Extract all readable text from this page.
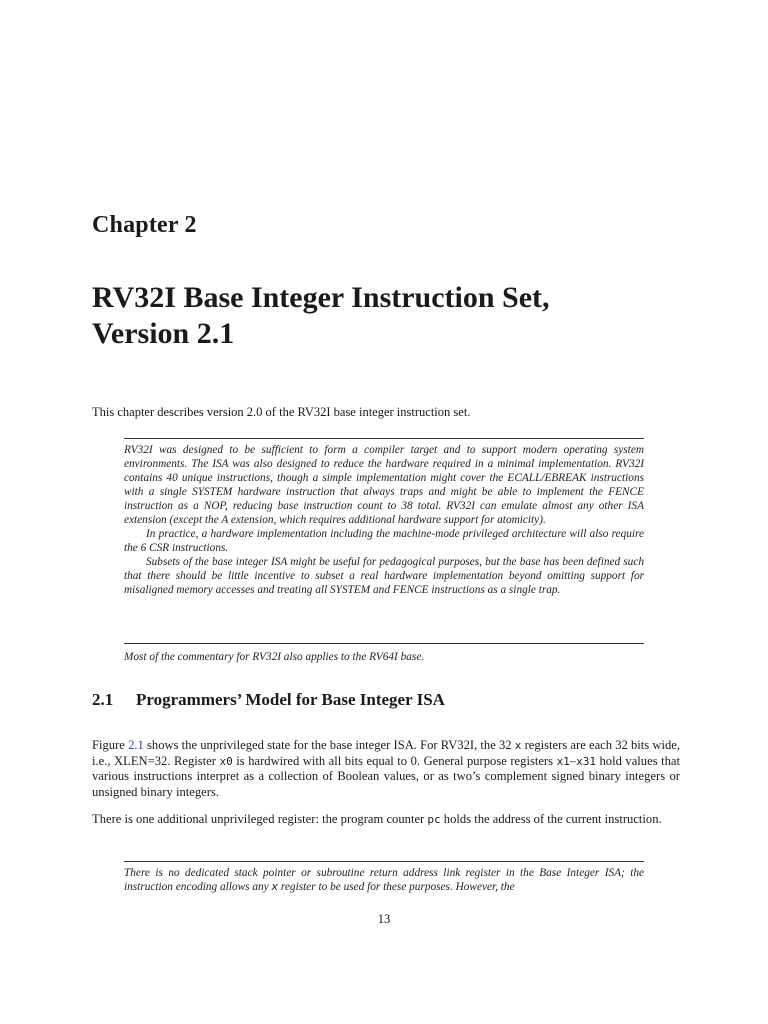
Chapter 2
RV32I Base Integer Instruction Set,
Version 2.1
This chapter describes version 2.0 of the RV32I base integer instruction set.

RV32I was designed to be sufficient to form a compiler target and to support modern operating system environments. The ISA was also designed to reduce the hardware required in a minimal implementation. RV32I contains 40 unique instructions, though a simple implementation might cover the ECALL/EBREAK instructions with a single SYSTEM hardware instruction that always traps and might be able to implement the FENCE instruction as a NOP, reducing base instruction count to 38 total. RV32I can emulate almost any other ISA extension (except the A extension, which requires additional hardware support for atomicity).

In practice, a hardware implementation including the machine-mode privileged architecture will also require the 6 CSR instructions.

Subsets of the base integer ISA might be useful for pedagogical purposes, but the base has been defined such that there should be little incentive to subset a real hardware implementation beyond omitting support for misaligned memory accesses and treating all SYSTEM and FENCE instructions as a single trap.

Most of the commentary for RV32I also applies to the RV64I base.

2.1 Programmers’ Model for Base Integer ISA
Figure 2.1 shows the unprivileged state for the base integer ISA. For RV32I, the 32 x registers are each 32 bits wide, i.e., XLEN=32. Register x0 is hardwired with all bits equal to 0. General purpose registers x1–x31 hold values that various instructions interpret as a collection of Boolean values, or as two’s complement signed binary integers or unsigned binary integers.
There is one additional unprivileged register: the program counter pc holds the address of the current instruction.

There is no dedicated stack pointer or subroutine return address link register in the Base Integer ISA; the instruction encoding allows any x register to be used for these purposes. However, the

13
